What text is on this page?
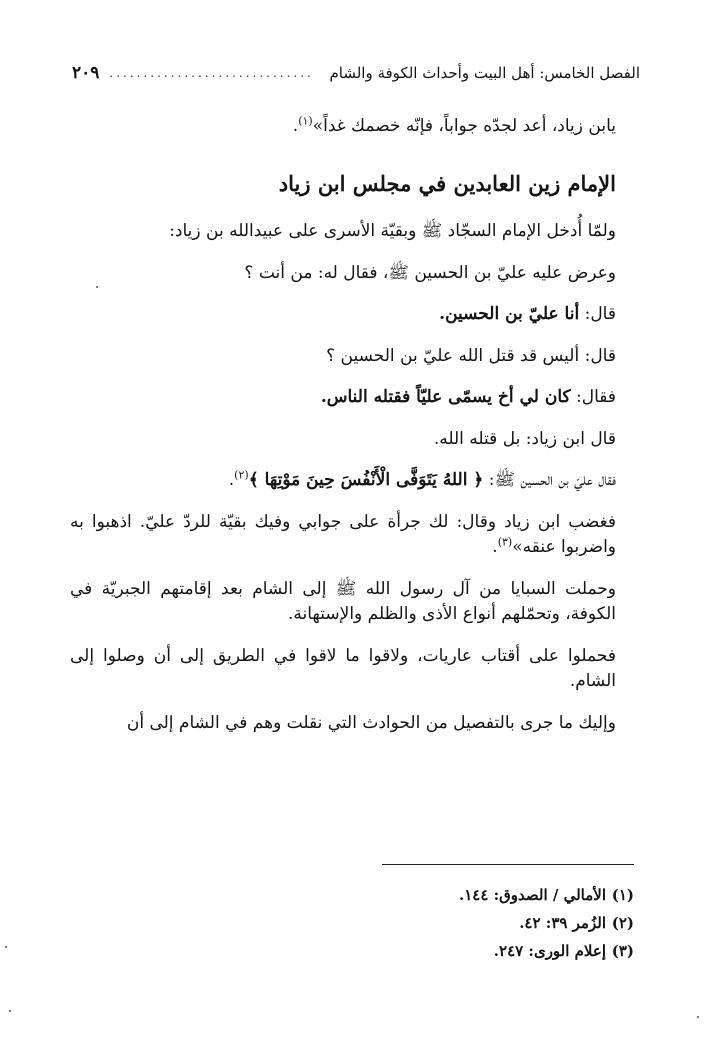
الفصل الخامس: أهل البيت وأحداث الكوفة والشام
..............................
٢٠٩

يابن زياد، أعد لجدّه جواباً، فإنّه خصمك غداً»$^{(١)}$.

الإمام زين العابدين في مجلس ابن زياد

ولمّا أُدخل الإمام السجّاد ﷺ وبقيّة الأسرى على عبيدالله بن زياد:

وعرض عليه عليّ بن الحسين ﷺ، فقال له: من أنت ؟

قال: أنا عليّ بن الحسين.

قال: أليس قد قتل الله عليّ بن الحسين ؟

فقال: كان لي أخ يسمّى عليّاً فقتله الناس.

قال ابن زياد: بل قتله الله.

فقال عليّ بن الحسين ﷺ: ﴿ اللهُ يَتَوَفَّى الْأَنْفُسَ حِينَ مَوْتِهَا ﴾$^{(٢)}$.

فغضب ابن زياد وقال: لك جرأة على جوابي وفيك بقيّة للردّ عليّ. اذهبوا به واضربوا عنقه»$^{(٣)}$.

وحملت السبايا من آل رسول الله ﷺ إلى الشام بعد إقامتهم الجبريّة في الكوفة، وتحمّلهم أنواع الأذى والظلم والإستهانة.

فحملوا على أقتاب عاريات، ولاقوا ما لاقوا في الطريق إلى أن وصلوا إلى الشام.

وإليك ما جرى بالتفصيل من الحوادث التي نقلت وهم في الشام إلى أن

(١)
الأمالي / الصدوق: ١٤٤.
(٢)
الزُمر ٣٩: ٤٢.
(٣)
إعلام الورى: ٢٤٧.
